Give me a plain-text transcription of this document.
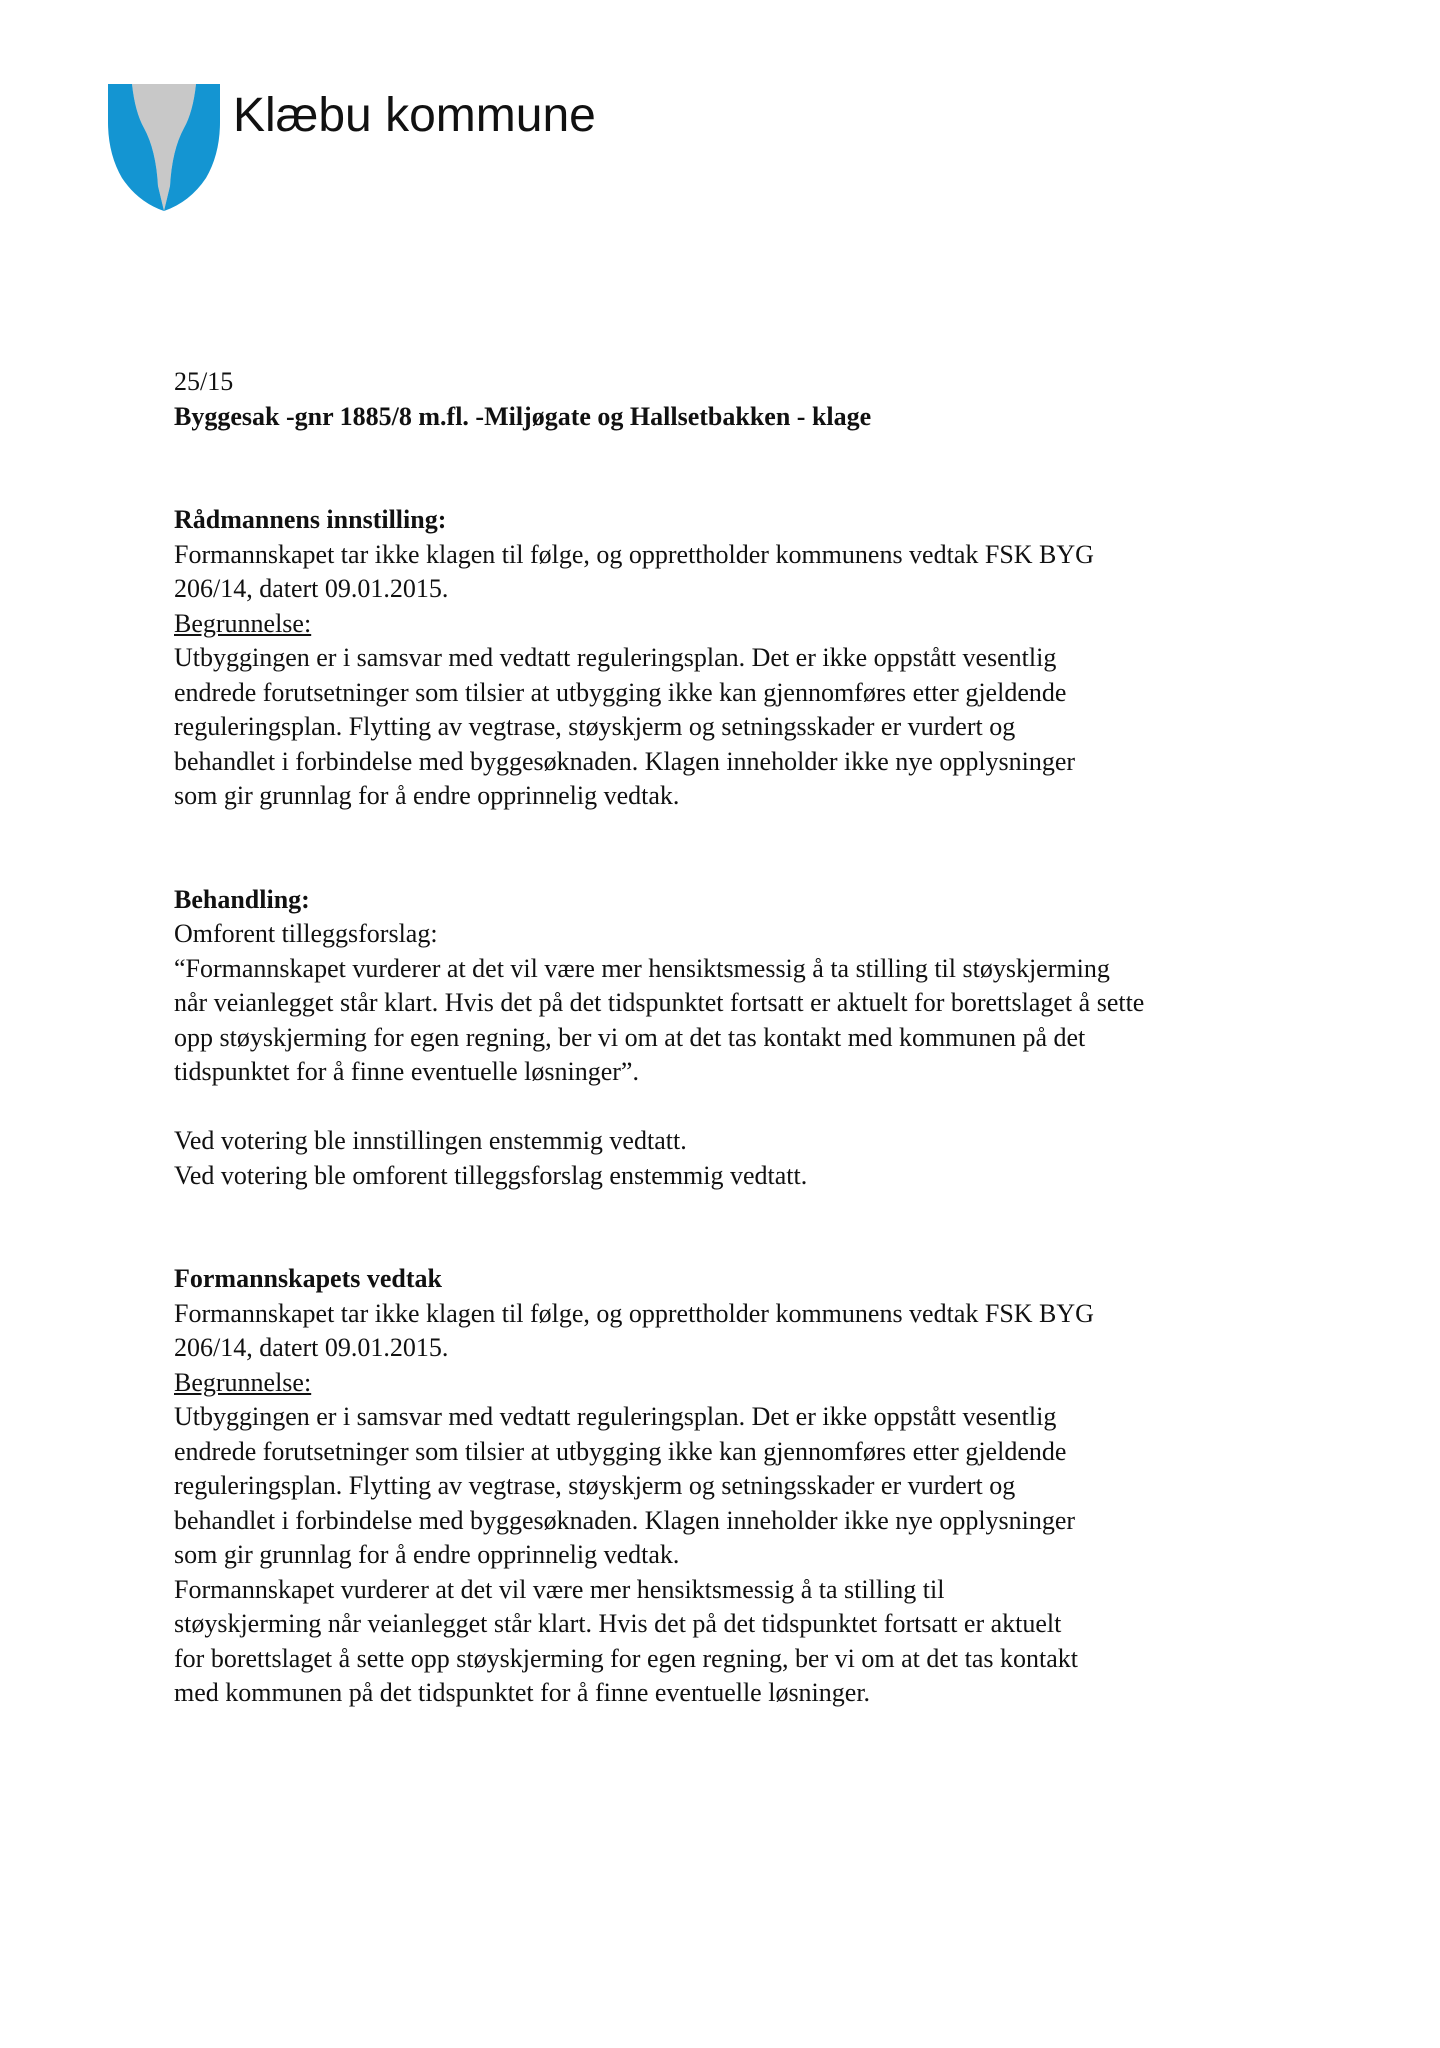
Klæbu kommune

25/15

Byggesak -gnr 1885/8 m.fl. -Miljøgate og Hallsetbakken - klage

Rådmannens innstilling:

Formannskapet tar ikke klagen til følge, og opprettholder kommunens vedtak FSK BYG

206/14, datert 09.01.2015.

Begrunnelse:

Utbyggingen er i samsvar med vedtatt reguleringsplan. Det er ikke oppstått vesentlig

endrede forutsetninger som tilsier at utbygging ikke kan gjennomføres etter gjeldende

reguleringsplan. Flytting av vegtrase, støyskjerm og setningsskader er vurdert og

behandlet i forbindelse med byggesøknaden. Klagen inneholder ikke nye opplysninger

som gir grunnlag for å endre opprinnelig vedtak.

Behandling:

Omforent tilleggsforslag:

“Formannskapet vurderer at det vil være mer hensiktsmessig å ta stilling til støyskjerming

når veianlegget står klart. Hvis det på det tidspunktet fortsatt er aktuelt for borettslaget å sette

opp støyskjerming for egen regning, ber vi om at det tas kontakt med kommunen på det

tidspunktet for å finne eventuelle løsninger”.

Ved votering ble innstillingen enstemmig vedtatt.

Ved votering ble omforent tilleggsforslag enstemmig vedtatt.

Formannskapets vedtak

Formannskapet tar ikke klagen til følge, og opprettholder kommunens vedtak FSK BYG

206/14, datert 09.01.2015.

Begrunnelse:

Utbyggingen er i samsvar med vedtatt reguleringsplan. Det er ikke oppstått vesentlig

endrede forutsetninger som tilsier at utbygging ikke kan gjennomføres etter gjeldende

reguleringsplan. Flytting av vegtrase, støyskjerm og setningsskader er vurdert og

behandlet i forbindelse med byggesøknaden. Klagen inneholder ikke nye opplysninger

som gir grunnlag for å endre opprinnelig vedtak.

Formannskapet vurderer at det vil være mer hensiktsmessig å ta stilling til

støyskjerming når veianlegget står klart. Hvis det på det tidspunktet fortsatt er aktuelt

for borettslaget å sette opp støyskjerming for egen regning, ber vi om at det tas kontakt

med kommunen på det tidspunktet for å finne eventuelle løsninger.
